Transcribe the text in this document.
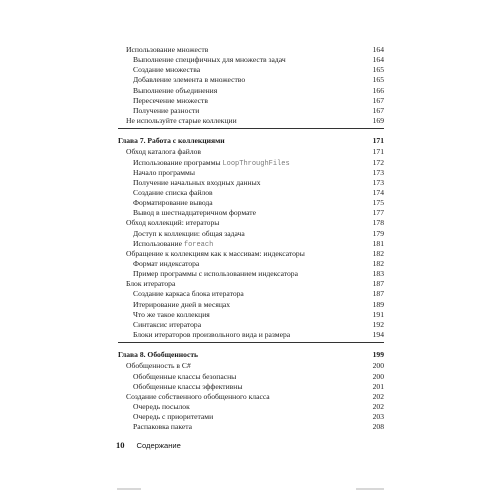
Использование множеств	164
Выполнение специфичных для множеств задач	164
Создание множества	165
Добавление элемента в множество	165
Выполнение объединения	166
Пересечение множеств	167
Получение разности	167
Не используйте старые коллекции	169
Глава 7. Работа с коллекциями	171
Обход каталога файлов	171
Использование программы LoopThroughFiles	172
Начало программы	173
Получение начальных входных данных	173
Создание списка файлов	174
Форматирование вывода	175
Вывод в шестнадцатеричном формате	177
Обход коллекций: итераторы	178
Доступ к коллекции: общая задача	179
Использование foreach	181
Обращение к коллекциям как к массивам: индексаторы	182
Формат индексатора	182
Пример программы с использованием индексатора	183
Блок итератора	187
Создание каркаса блока итератора	187
Итерирование дней в месяцах	189
Что же такое коллекция	191
Синтаксис итератора	192
Блоки итераторов произвольного вида и размера	194
Глава 8. Обобщенность	199
Обобщенность в C#	200
Обобщенные классы безопасны	200
Обобщенные классы эффективны	201
Создание собственного обобщенного класса	202
Очередь посылок	202
Очередь с приоритетами	203
Распаковка пакета	208
10 Содержание
